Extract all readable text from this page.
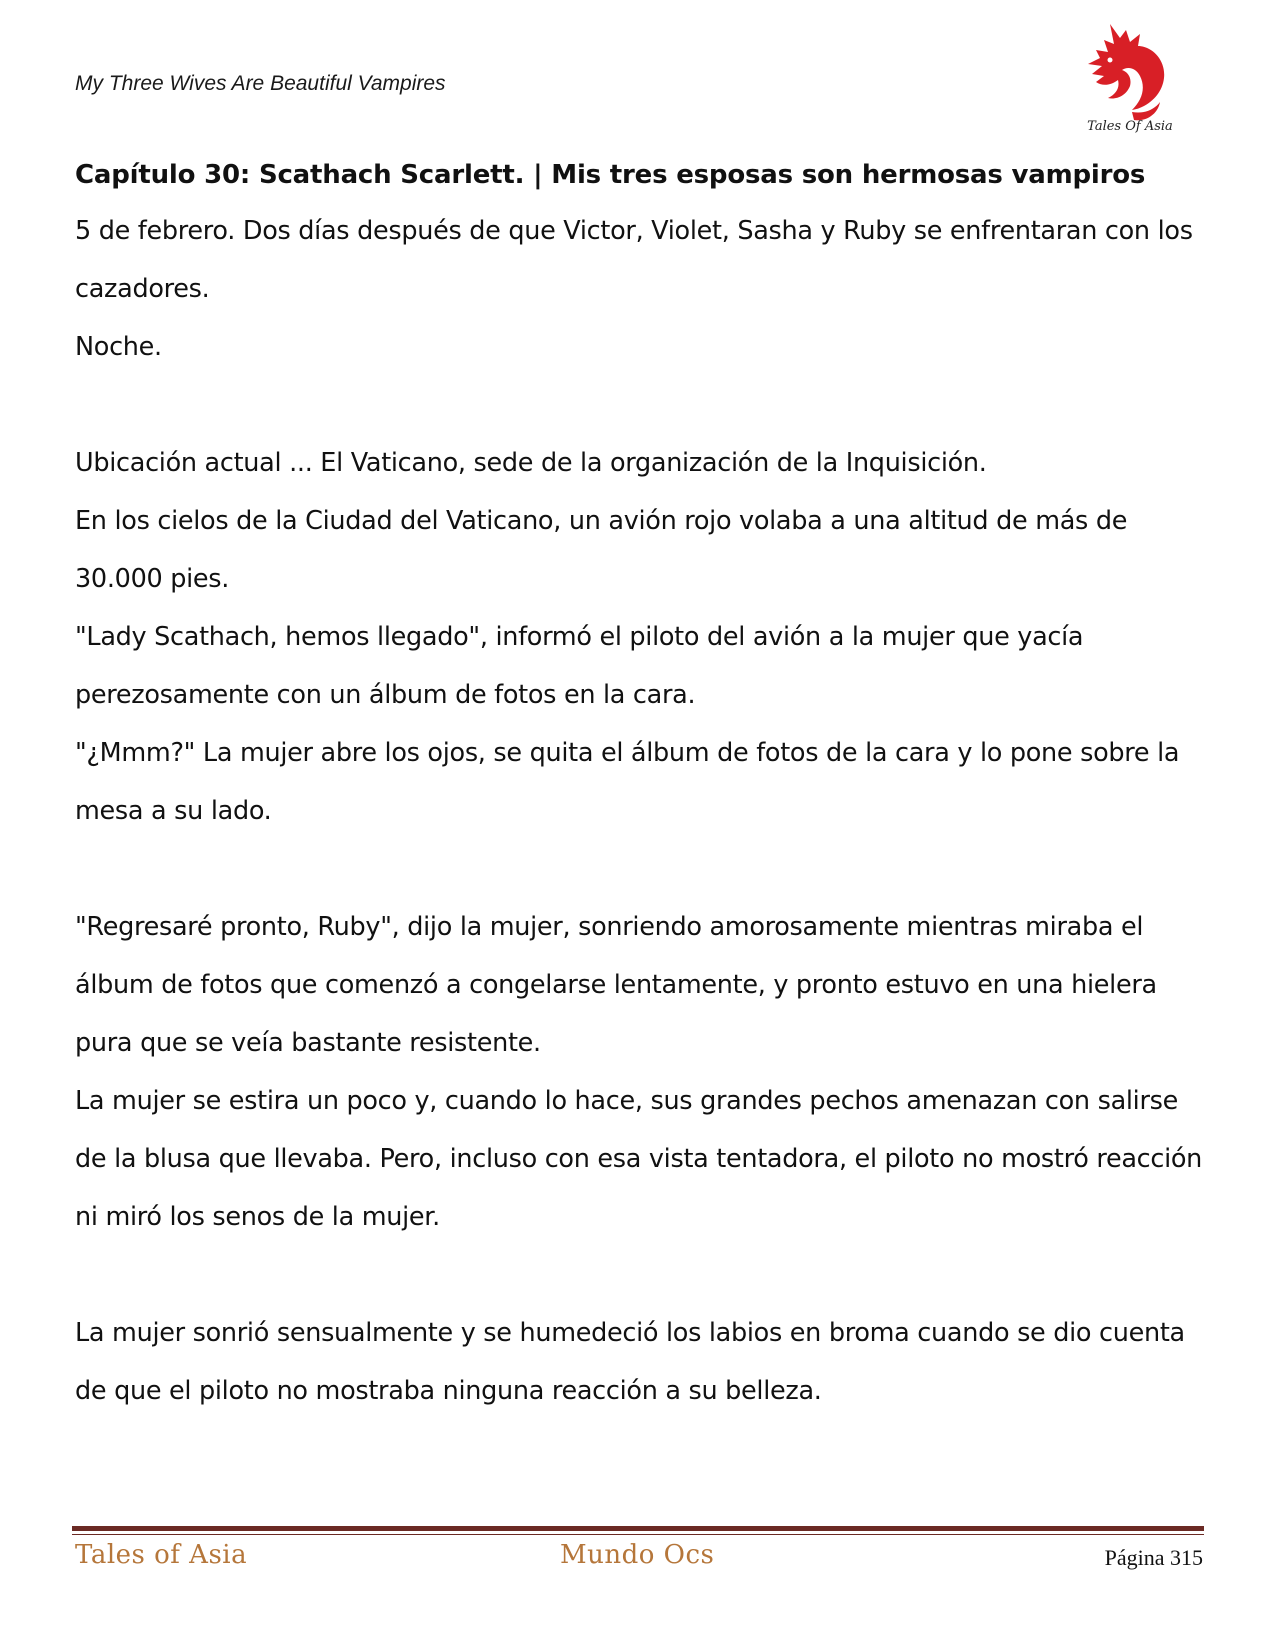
My Three Wives Are Beautiful Vampires
Tales Of Asia
Capítulo 30: Scathach Scarlett. | Mis tres esposas son hermosas vampiros

5 de febrero. Dos días después de que Victor, Violet, Sasha y Ruby se enfrentaran con los cazadores.

Noche.

Ubicación actual ... El Vaticano, sede de la organización de la Inquisición.

En los cielos de la Ciudad del Vaticano, un avión rojo volaba a una altitud de más de 30.000 pies.

"Lady Scathach, hemos llegado", informó el piloto del avión a la mujer que yacía perezosamente con un álbum de fotos en la cara.

"¿Mmm?" La mujer abre los ojos, se quita el álbum de fotos de la cara y lo pone sobre la mesa a su lado.

"Regresaré pronto, Ruby", dijo la mujer, sonriendo amorosamente mientras miraba el álbum de fotos que comenzó a congelarse lentamente, y pronto estuvo en una hielera pura que se veía bastante resistente.

La mujer se estira un poco y, cuando lo hace, sus grandes pechos amenazan con salirse de la blusa que llevaba. Pero, incluso con esa vista tentadora, el piloto no mostró reacción ni miró los senos de la mujer.

La mujer sonrió sensualmente y se humedeció los labios en broma cuando se dio cuenta de que el piloto no mostraba ninguna reacción a su belleza.

Tales of Asia	Mundo Ocs	Página 315
